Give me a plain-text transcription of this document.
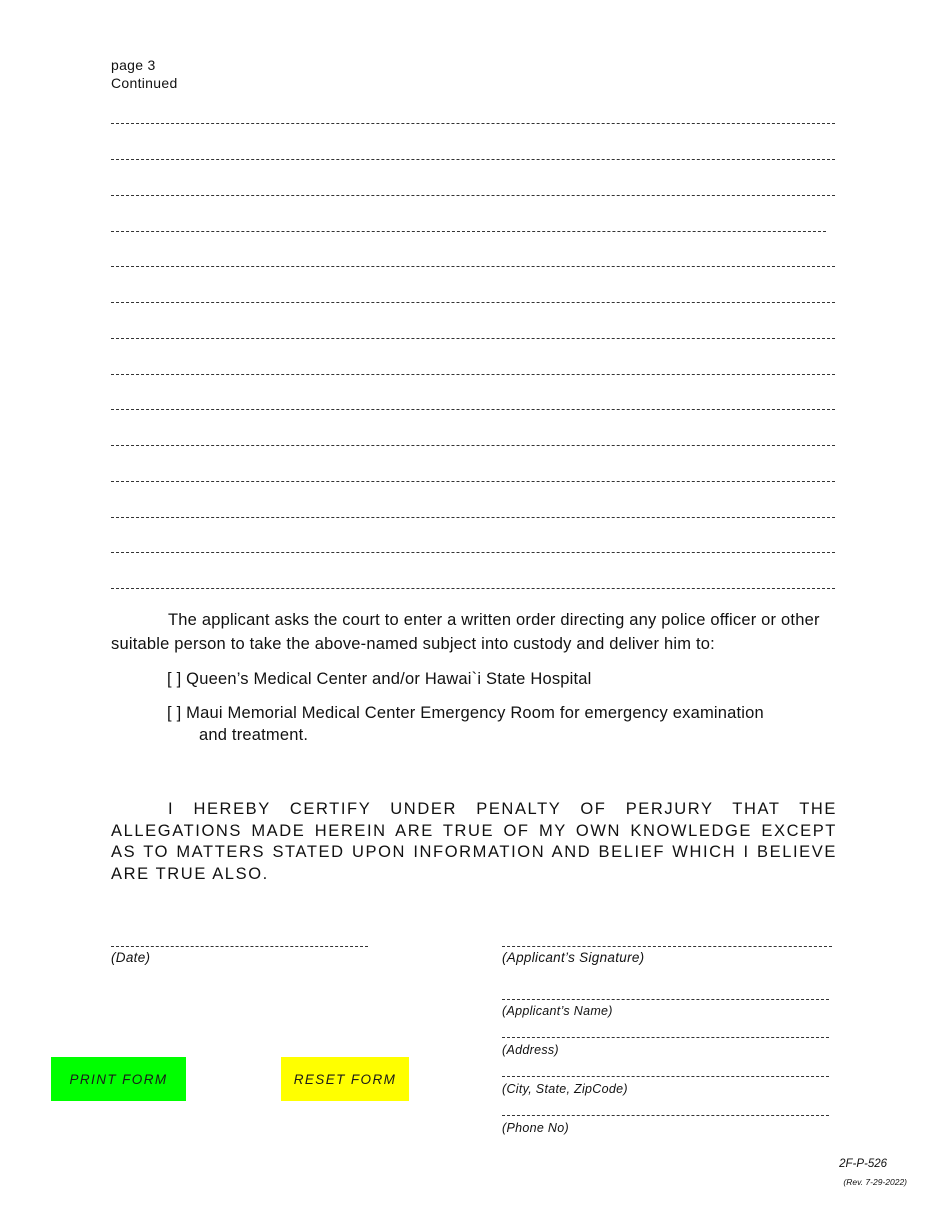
page 3
Continued
The applicant asks the court to enter a written order directing any police officer or other suitable person to take the above-named subject into custody and deliver him to:
[ ] Queen’s Medical Center and/or Hawai`i State Hospital
[ ] Maui Memorial Medical Center Emergency Room for emergency examination
and treatment.
I HEREBY CERTIFY UNDER PENALTY OF PERJURY THAT THE ALLEGATIONS MADE HEREIN ARE TRUE OF MY OWN KNOWLEDGE EXCEPT AS TO MATTERS STATED UPON INFORMATION AND BELIEF WHICH I BELIEVE ARE TRUE ALSO.
(Date)	(Applicant’s Signature)
(Applicant’s Name)
(Address)
(City, State, ZipCode)
(Phone No)
PRINT FORM	RESET FORM
2F-P-526
(Rev. 7-29-2022)
